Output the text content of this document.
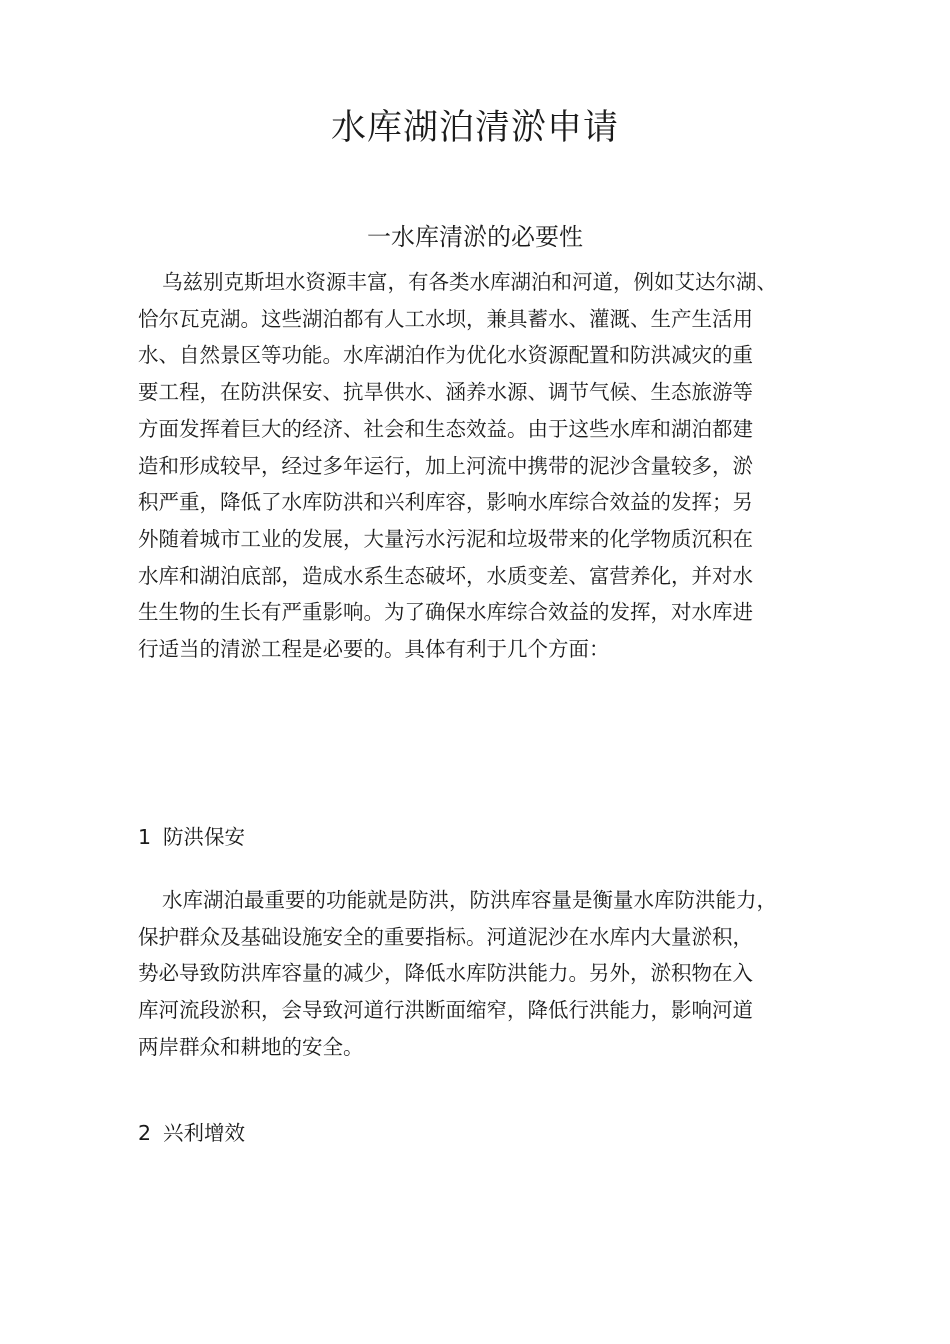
水库湖泊清淤申请
一水库清淤的必要性

乌兹别克斯坦水资源丰富，有各类水库湖泊和河道，例如艾达尔湖、
恰尔瓦克湖。这些湖泊都有人工水坝，兼具蓄水、灌溉、生产生活用
水、自然景区等功能。水库湖泊作为优化水资源配置和防洪减灾的重
要工程，在防洪保安、抗旱供水、涵养水源、调节气候、生态旅游等
方面发挥着巨大的经济、社会和生态效益。由于这些水库和湖泊都建
造和形成较早，经过多年运行，加上河流中携带的泥沙含量较多，淤
积严重，降低了水库防洪和兴利库容，影响水库综合效益的发挥；另
外随着城市工业的发展，大量污水污泥和垃圾带来的化学物质沉积在
水库和湖泊底部，造成水系生态破坏，水质变差、富营养化，并对水
生生物的生长有严重影响。为了确保水库综合效益的发挥，对水库进
行适当的清淤工程是必要的。具体有利于几个方面：

1 防洪保安

水库湖泊最重要的功能就是防洪，防洪库容量是衡量水库防洪能力，
保护群众及基础设施安全的重要指标。河道泥沙在水库内大量淤积，
势必导致防洪库容量的减少，降低水库防洪能力。另外，淤积物在入
库河流段淤积，会导致河道行洪断面缩窄，降低行洪能力，影响河道
两岸群众和耕地的安全。

2 兴利增效
